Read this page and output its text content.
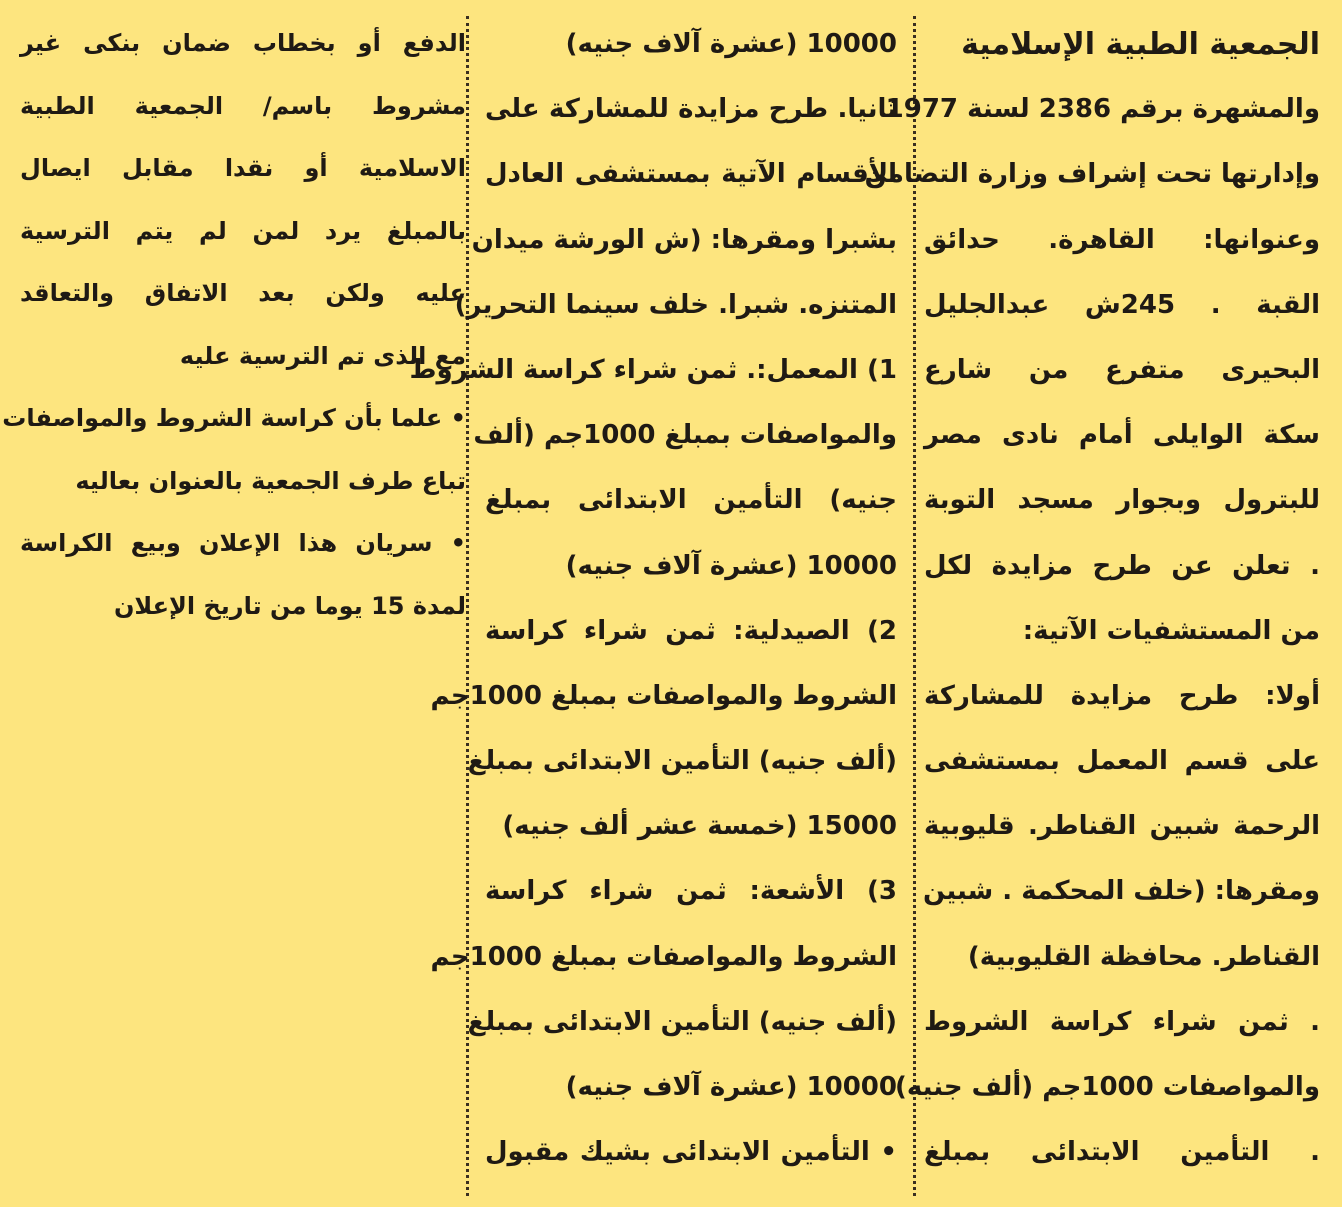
الجمعية الطبية الإسلامية
والمشهرة برقم 2386 لسنة 1977
وإدارتها تحت إشراف وزارة التضامن
وعنوانها: القاهرة. حدائق
القبة . 245ش عبدالجليل
البحيرى متفرع من شارع
سكة الوايلى أمام نادى مصر
للبترول وبجوار مسجد التوبة
. تعلن عن طرح مزايدة لكل
من المستشفيات الآتية:
أولا: طرح مزايدة للمشاركة
على قسم المعمل بمستشفى
الرحمة شبين القناطر. قليوبية
ومقرها: (خلف المحكمة . شبين
القناطر. محافظة القليوبية)
. ثمن شراء كراسة الشروط
والمواصفات 1000جم (ألف جنيه)
. التأمين الابتدائى بمبلغ
10000 (عشرة آلاف جنيه)
ثانيا. طرح مزايدة للمشاركة على
الأقسام الآتية بمستشفى العادل
بشبرا ومقرها: (ش الورشة ميدان
المتنزه. شبرا. خلف سينما التحرير)
1) المعمل:. ثمن شراء كراسة الشروط
والمواصفات بمبلغ 1000جم (ألف
جنيه) التأمين الابتدائى بمبلغ
10000 (عشرة آلاف جنيه)
2) الصيدلية: ثمن شراء كراسة
الشروط والمواصفات بمبلغ 1000جم
(ألف جنيه) التأمين الابتدائى بمبلغ
15000 (خمسة عشر ألف جنيه)
3) الأشعة: ثمن شراء كراسة
الشروط والمواصفات بمبلغ 1000جم
(ألف جنيه) التأمين الابتدائى بمبلغ
10000 (عشرة آلاف جنيه)
• التأمين الابتدائى بشيك مقبول
الدفع أو بخطاب ضمان بنكى غير
مشروط باسم/ الجمعية الطبية
الاسلامية أو نقدا مقابل ايصال
بالمبلغ يرد لمن لم يتم الترسية
عليه ولكن بعد الاتفاق والتعاقد
مع الذى تم الترسية عليه
• علما بأن كراسة الشروط والمواصفات
تباع طرف الجمعية بالعنوان بعاليه
• سريان هذا الإعلان وبيع الكراسة
لمدة 15 يوما من تاريخ الإعلان
